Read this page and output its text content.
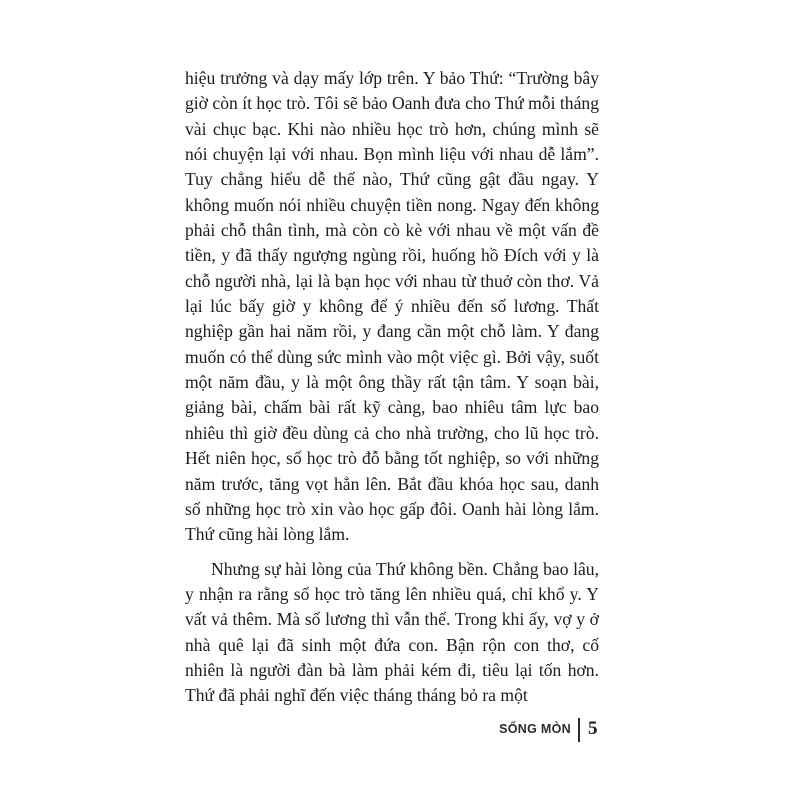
hiệu trưởng và dạy mấy lớp trên. Y bảo Thứ: “Trường bây giờ còn ít học trò. Tôi sẽ bảo Oanh đưa cho Thứ mỗi tháng vài chục bạc. Khi nào nhiều học trò hơn, chúng mình sẽ nói chuyện lại với nhau. Bọn mình liệu với nhau dễ lắm”. Tuy chẳng hiểu dễ thế nào, Thứ cũng gật đầu ngay. Y không muốn nói nhiều chuyện tiền nong. Ngay đến không phải chỗ thân tình, mà còn cò kè với nhau về một vấn đề tiền, y đã thấy ngượng ngùng rồi, huống hồ Đích với y là chỗ người nhà, lại là bạn học với nhau từ thuở còn thơ. Vả lại lúc bấy giờ y không để ý nhiều đến số lương. Thất nghiệp gần hai năm rồi, y đang cần một chỗ làm. Y đang muốn có thể dùng sức mình vào một việc gì. Bởi vậy, suốt một năm đầu, y là một ông thầy rất tận tâm. Y soạn bài, giảng bài, chấm bài rất kỹ càng, bao nhiêu tâm lực bao nhiêu thì giờ đều dùng cả cho nhà trường, cho lũ học trò. Hết niên học, số học trò đỗ bằng tốt nghiệp, so với những năm trước, tăng vọt hẳn lên. Bắt đầu khóa học sau, danh số những học trò xin vào học gấp đôi. Oanh hài lòng lắm. Thứ cũng hài lòng lắm.

Nhưng sự hài lòng của Thứ không bền. Chẳng bao lâu, y nhận ra rằng số học trò tăng lên nhiều quá, chỉ khổ y. Y vất vả thêm. Mà số lương thì vẫn thế. Trong khi ấy, vợ y ở nhà quê lại đã sinh một đứa con. Bận rộn con thơ, cố nhiên là người đàn bà làm phải kém đi, tiêu lại tốn hơn. Thứ đã phải nghĩ đến việc tháng tháng bỏ ra một

SỐNG MÒN 5
